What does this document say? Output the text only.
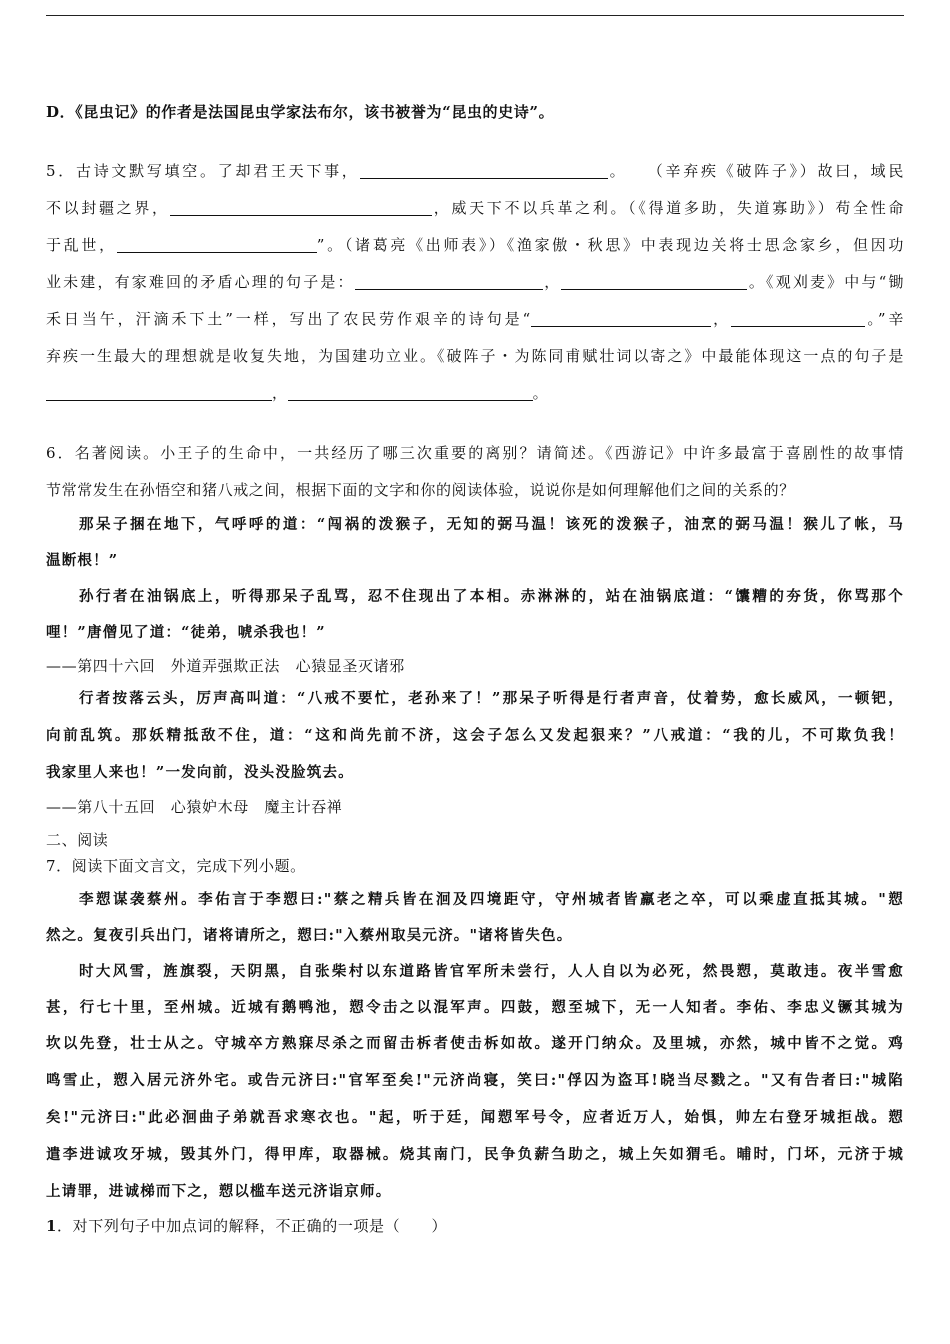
D．《昆虫记》的作者是法国昆虫学家法布尔，该书被誉为“昆虫的史诗”。
5．古诗文默写填空。了却君王天下事，	。　　（辛弃疾《破阵子》）故曰，域民
不以封疆之界，	，威天下不以兵革之利。（《得道多助，失道寡助》）苟全性命
于乱世，	”。（诸葛亮《出师表》）《渔家傲・秋思》中表现边关将士思念家乡，但因功
业未建，有家难回的矛盾心理的句子是：	，	。《观刈麦》中与“锄
禾日当午，汗滴禾下土”一样，写出了农民劳作艰辛的诗句是“	，	。”辛
弃疾一生最大的理想就是收复失地，为国建功立业。《破阵子・为陈同甫赋壮词以寄之》中最能体现这一点的句子是
，	。
6．名著阅读。小王子的生命中，一共经历了哪三次重要的离别？请简述。《西游记》中许多最富于喜剧性的故事情
节常常发生在孙悟空和猪八戒之间，根据下面的文字和你的阅读体验，说说你是如何理解他们之间的关系的？
那呆子捆在地下，气呼呼的道：“闯祸的泼猴子，无知的弼马温！该死的泼猴子，油烹的弼马温！猴儿了帐，马
温断根！”
孙行者在油锅底上，听得那呆子乱骂，忍不住现出了本相。赤淋淋的，站在油锅底道：“馕糟的夯货，你骂那个
哩！”唐僧见了道：“徒弟，唬杀我也！”
——第四十六回　外道弄强欺正法　心猿显圣灭诸邪
行者按落云头，厉声高叫道：“八戒不要忙，老孙来了！”那呆子听得是行者声音，仗着势，愈长威风，一顿钯，
向前乱筑。那妖精抵敌不住，道：“这和尚先前不济，这会子怎么又发起狠来？”八戒道：“我的儿，不可欺负我！
我家里人来也！”一发向前，没头没脸筑去。
——第八十五回　心猿妒木母　魔主计吞禅
二、阅读
7．阅读下面文言文，完成下列小题。
李愬谋袭蔡州。李佑言于李愬曰:"蔡之精兵皆在洄及四境距守，守州城者皆羸老之卒，可以乘虚直抵其城。"愬
然之。复夜引兵出门，诸将请所之，愬曰:"入蔡州取吴元济。"诸将皆失色。
时大风雪，旌旗裂，天阴黑，自张柴村以东道路皆官军所未尝行，人人自以为必死，然畏愬，莫敢违。夜半雪愈
甚，行七十里，至州城。近城有鹅鸭池，愬令击之以混军声。四鼓，愬至城下，无一人知者。李佑、李忠义镢其城为
坎以先登，壮士从之。守城卒方熟寐尽杀之而留击柝者使击柝如故。遂开门纳众。及里城，亦然，城中皆不之觉。鸡
鸣雪止，愬入居元济外宅。或告元济曰:"官军至矣!"元济尚寝，笑曰:"俘囚为盗耳!晓当尽戮之。"又有告者曰:"城陷
矣!"元济曰:"此必洄曲子弟就吾求寒衣也。"起，听于廷，闻愬军号令，应者近万人，始惧，帅左右登牙城拒战。愬
遣李进诚攻牙城，毁其外门，得甲库，取器械。烧其南门，民争负薪刍助之，城上矢如猬毛。晡时，门坏，元济于城
上请罪，进诚梯而下之，愬以槛车送元济诣京师。
1．对下列句子中加点词的解释，不正确的一项是（　　）
